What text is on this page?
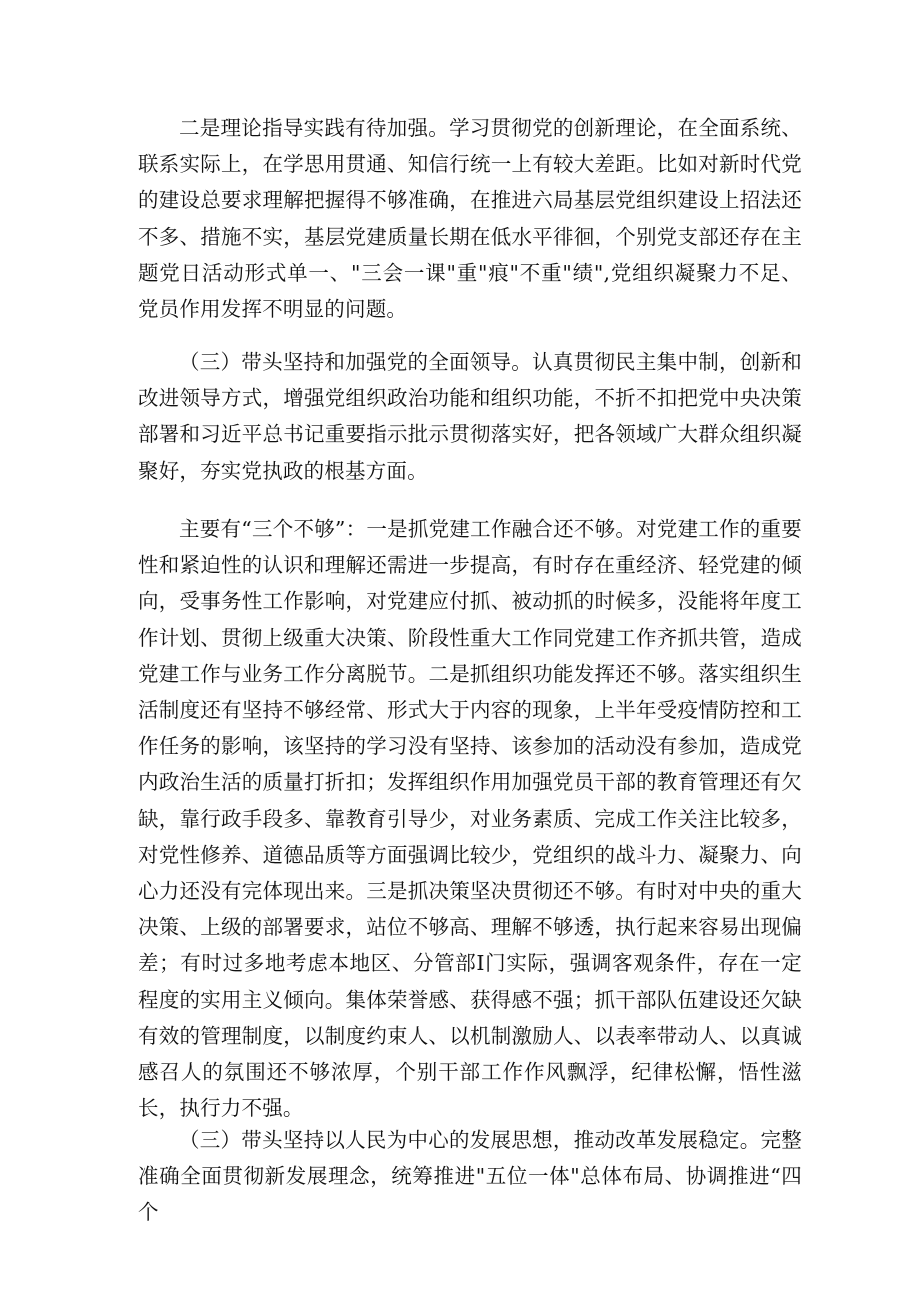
二是理论指导实践有待加强。学习贯彻党的创新理论，在全面系统、联系实际上，在学思用贯通、知信行统一上有较大差距。比如对新时代党的建设总要求理解把握得不够准确，在推进六局基层党组织建设上招法还不多、措施不实，基层党建质量长期在低水平徘徊，个别党支部还存在主题党日活动形式单一、"三会一课"重"痕"不重"绩",党组织凝聚力不足、党员作用发挥不明显的问题。

（三）带头坚持和加强党的全面领导。认真贯彻民主集中制，创新和改进领导方式，增强党组织政治功能和组织功能，不折不扣把党中央决策部署和习近平总书记重要指示批示贯彻落实好，把各领域广大群众组织凝聚好，夯实党执政的根基方面。

主要有“三个不够”：一是抓党建工作融合还不够。对党建工作的重要性和紧迫性的认识和理解还需进一步提高，有时存在重经济、轻党建的倾向，受事务性工作影响，对党建应付抓、被动抓的时候多，没能将年度工作计划、贯彻上级重大决策、阶段性重大工作同党建工作齐抓共管，造成党建工作与业务工作分离脱节。二是抓组织功能发挥还不够。落实组织生活制度还有坚持不够经常、形式大于内容的现象，上半年受疫情防控和工作任务的影响，该坚持的学习没有坚持、该参加的活动没有参加，造成党内政治生活的质量打折扣；发挥组织作用加强党员干部的教育管理还有欠缺，靠行政手段多、靠教育引导少，对业务素质、完成工作关注比较多，对党性修养、道德品质等方面强调比较少，党组织的战斗力、凝聚力、向心力还没有完体现出来。三是抓决策坚决贯彻还不够。有时对中央的重大决策、上级的部署要求，站位不够高、理解不够透，执行起来容易出现偏差；有时过多地考虑本地区、分管部I门实际，强调客观条件，存在一定程度的实用主义倾向。集体荣誉感、获得感不强；抓干部队伍建设还欠缺有效的管理制度，以制度约束人、以机制激励人、以表率带动人、以真诚感召人的氛围还不够浓厚，个别干部工作作风飘浮，纪律松懈，悟性滋长，执行力不强。

（三）带头坚持以人民为中心的发展思想，推动改革发展稳定。完整准确全面贯彻新发展理念，统筹推进"五位一体"总体布局、协调推进“四个
